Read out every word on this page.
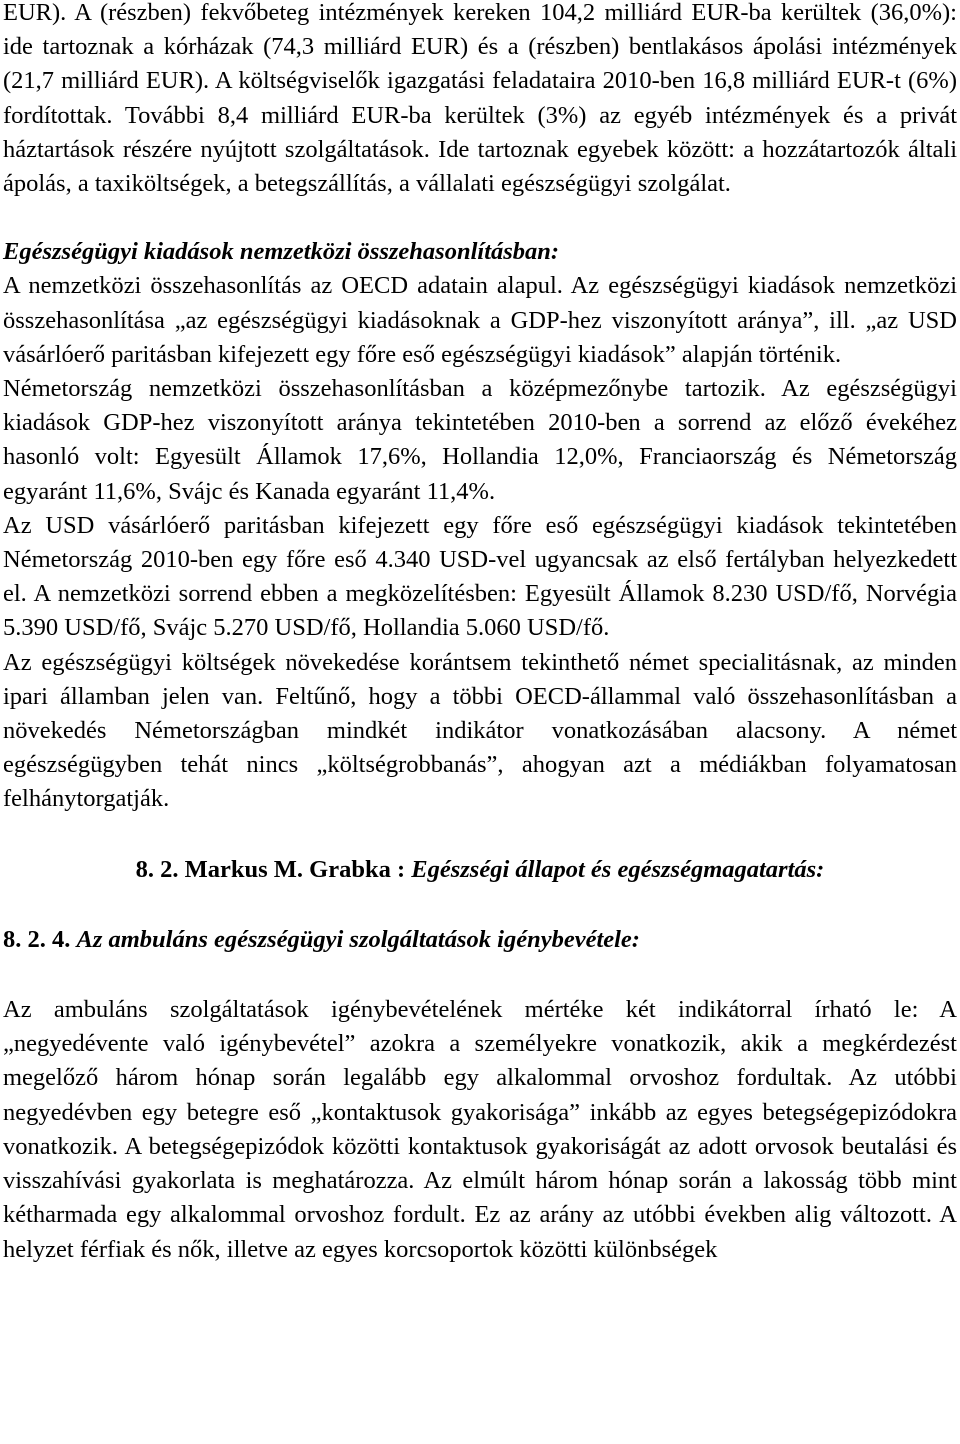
EUR). A (részben) fekvőbeteg intézmények kereken 104,2 milliárd EUR-ba kerültek (36,0%): ide tartoznak a kórházak (74,3 milliárd EUR) és a (részben) bentlakásos ápolási intézmények (21,7 milliárd EUR). A költségviselők igazgatási feladataira 2010-ben 16,8 milliárd EUR-t (6%) fordítottak. További 8,4 milliárd EUR-ba kerültek (3%) az egyéb intézmények és a privát háztartások részére nyújtott szolgáltatások. Ide tartoznak egyebek között: a hozzátartozók általi ápolás, a taxiköltségek, a betegszállítás, a vállalati egészségügyi szolgálat.

Egészségügyi kiadások nemzetközi összehasonlításban:

A nemzetközi összehasonlítás az OECD adatain alapul. Az egészségügyi kiadások nemzetközi összehasonlítása „az egészségügyi kiadásoknak a GDP-hez viszonyított aránya”, ill. „az USD vásárlóerő paritásban kifejezett egy főre eső egészségügyi kiadások” alapján történik.

Németország nemzetközi összehasonlításban a középmezőnybe tartozik. Az egészségügyi kiadások GDP-hez viszonyított aránya tekintetében 2010-ben a sorrend az előző évekéhez hasonló volt: Egyesült Államok 17,6%, Hollandia 12,0%, Franciaország és Németország egyaránt 11,6%, Svájc és Kanada egyaránt 11,4%.

Az USD vásárlóerő paritásban kifejezett egy főre eső egészségügyi kiadások tekintetében Németország 2010-ben egy főre eső 4.340 USD-vel ugyancsak az első fertályban helyezkedett el. A nemzetközi sorrend ebben a megközelítésben: Egyesült Államok 8.230 USD/fő, Norvégia 5.390 USD/fő, Svájc 5.270 USD/fő, Hollandia 5.060 USD/fő.

Az egészségügyi költségek növekedése korántsem tekinthető német specialitásnak, az minden ipari államban jelen van. Feltűnő, hogy a többi OECD-állammal való összehasonlításban a növekedés Németországban mindkét indikátor vonatkozásában alacsony. A német egészségügyben tehát nincs „költségrobbanás”, ahogyan azt a médiákban folyamatosan felhánytorgatják.

8. 2. Markus M. Grabka : Egészségi állapot és egészségmagatartás:

8. 2. 4. Az ambuláns egészségügyi szolgáltatások igénybevétele:

Az ambuláns szolgáltatások igénybevételének mértéke két indikátorral írható le: A „negyedévente való igénybevétel” azokra a személyekre vonatkozik, akik a megkérdezést megelőző három hónap során legalább egy alkalommal orvoshoz fordultak. Az utóbbi negyedévben egy betegre eső „kontaktusok gyakorisága” inkább az egyes betegségepizódokra vonatkozik. A betegségepizódok közötti kontaktusok gyakoriságát az adott orvosok beutalási és visszahívási gyakorlata is meghatározza. Az elmúlt három hónap során a lakosság több mint kétharmada egy alkalommal orvoshoz fordult. Ez az arány az utóbbi években alig változott. A helyzet férfiak és nők, illetve az egyes korcsoportok közötti különbségek
